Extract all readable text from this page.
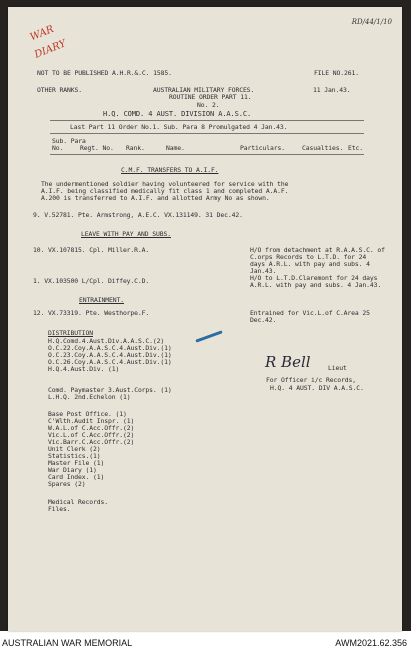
WAR
DIARY
RD/44/1/10
NOT TO BE PUBLISHED A.H.R.&.C. 1585.	FILE NO.261.
OTHER RANKS.	AUSTRALIAN MILITARY FORCES.	11 Jan.43.
ROUTINE ORDER PART 11.
No. 2.
H.Q. COMD. 4 AUST. DIVISION A.A.S.C.
Last Part 11 Order No.1. Sub. Para 8 Promulgated 4 Jan.43.
Sub. Para
No.	Regt. No. Rank.	Name.	Particulars.	Casualties. Etc.
C.M.F. TRANSFERS TO A.I.F.
The undermentioned soldier having volunteered for service with the
A.I.F. being classified medically fit class 1 and completed A.A.F.
A.200 is transferred to A.I.F. and allotted Army No as shown.
9. V.52781. Pte. Armstrong, A.E.C. VX.131149. 31 Dec.42.
LEAVE WITH PAY AND SUBS.
10. VX.107815. Cpl. Miller.R.A.	H/O from detachment at R.A.A.S.C. of
C.orps Records to L.T.D. for 24
days A.R.L. with pay and subs. 4
Jan.43.
1. VX.103500 L/Cpl. Diffey.C.D.	H/O to L.T.D.Claremont for 24 days
A.R.L. with pay and subs. 4 Jan.43.
ENTRAINMENT.
12. VX.73319. Pte. Westhorpe.F.	Entrained for Vic.L.of C.Area 25
Dec.42.
DISTRIBUTION
H.Q.Comd.4.Aust.Div.A.A.S.C.(2)
O.C.22.Coy.A.A.S.C.4.Aust.Div.(1)
O.C.23.Coy.A.A.S.C.4.Aust.Div.(1)
O.C.26.Coy.A.A.S.C.4.Aust.Div.(1)
H.Q.4.Aust.Div. (1)
Comd. Paymaster 3.Aust.Corps. (1)
L.H.Q. 2nd.Echelon (1)
Base Post Office. (1)
C'Wlth.Audit Inspr. (1)
W.A.L.of C.Acc.Offr.(2)
Vic.L.of C.Acc.Offr.(2)
Vic.Barr.C.Acc.Offr.(2)
Unit Clerk (2)
Statistics.(1)
Master File (1)
War Diary (1)
Card Index. (1)
Spares (2)
Medical Records.
Files.
R Bell	Lieut
For Officer i/c Records,
H.Q. 4 AUST. DIV A.A.S.C.
AUSTRALIAN WAR MEMORIAL	AWM2021.62.356
